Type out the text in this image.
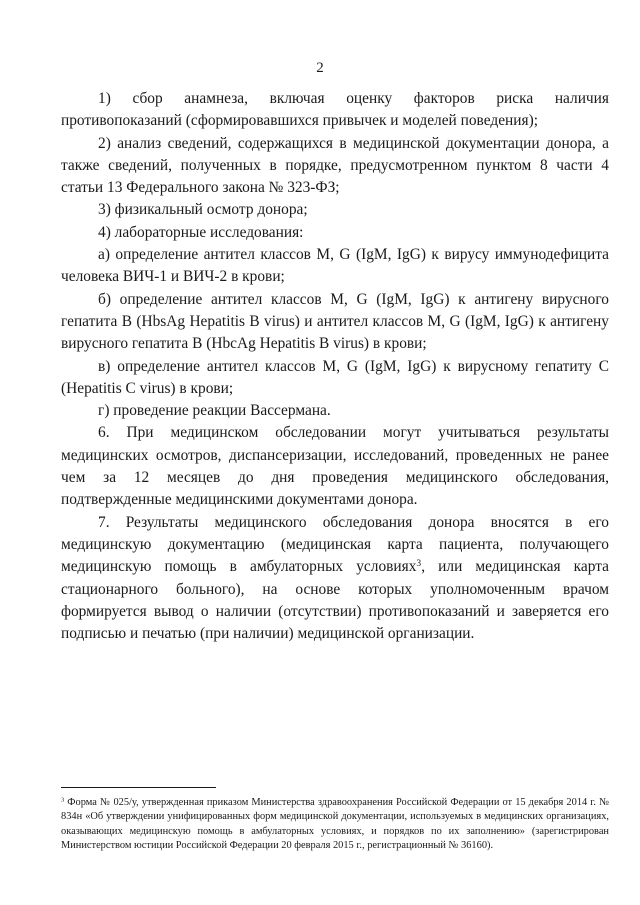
2

1) сбор анамнеза, включая оценку факторов риска наличия противопоказаний (сформировавшихся привычек и моделей поведения);

2) анализ сведений, содержащихся в медицинской документации донора, а также сведений, полученных в порядке, предусмотренном пунктом 8 части 4 статьи 13 Федерального закона № 323-ФЗ;

3) физикальный осмотр донора;

4) лабораторные исследования:

а) определение антител классов M, G (IgM, IgG) к вирусу иммунодефицита человека ВИЧ-1 и ВИЧ-2 в крови;

б) определение антител классов M, G (IgM, IgG) к антигену вирусного гепатита B (HbsAg Hepatitis B virus) и антител классов M, G (IgM, IgG) к антигену вирусного гепатита B (HbcAg Hepatitis B virus) в крови;

в) определение антител классов M, G (IgM, IgG) к вирусному гепатиту C (Hepatitis C virus) в крови;

г) проведение реакции Вассермана.

6. При медицинском обследовании могут учитываться результаты медицинских осмотров, диспансеризации, исследований, проведенных не ранее чем за 12 месяцев до дня проведения медицинского обследования, подтвержденные медицинскими документами донора.

7. Результаты медицинского обследования донора вносятся в его медицинскую документацию (медицинская карта пациента, получающего медицинскую помощь в амбулаторных условиях$^3$, или медицинская карта стационарного больного), на основе которых уполномоченным врачом формируется вывод о наличии (отсутствии) противопоказаний и заверяется его подписью и печатью (при наличии) медицинской организации.

$^3$ Форма № 025/у, утвержденная приказом Министерства здравоохранения Российской Федерации от 15 декабря 2014 г. № 834н «Об утверждении унифицированных форм медицинской документации, используемых в медицинских организациях, оказывающих медицинскую помощь в амбулаторных условиях, и порядков по их заполнению» (зарегистрирован Министерством юстиции Российской Федерации 20 февраля 2015 г., регистрационный № 36160).
